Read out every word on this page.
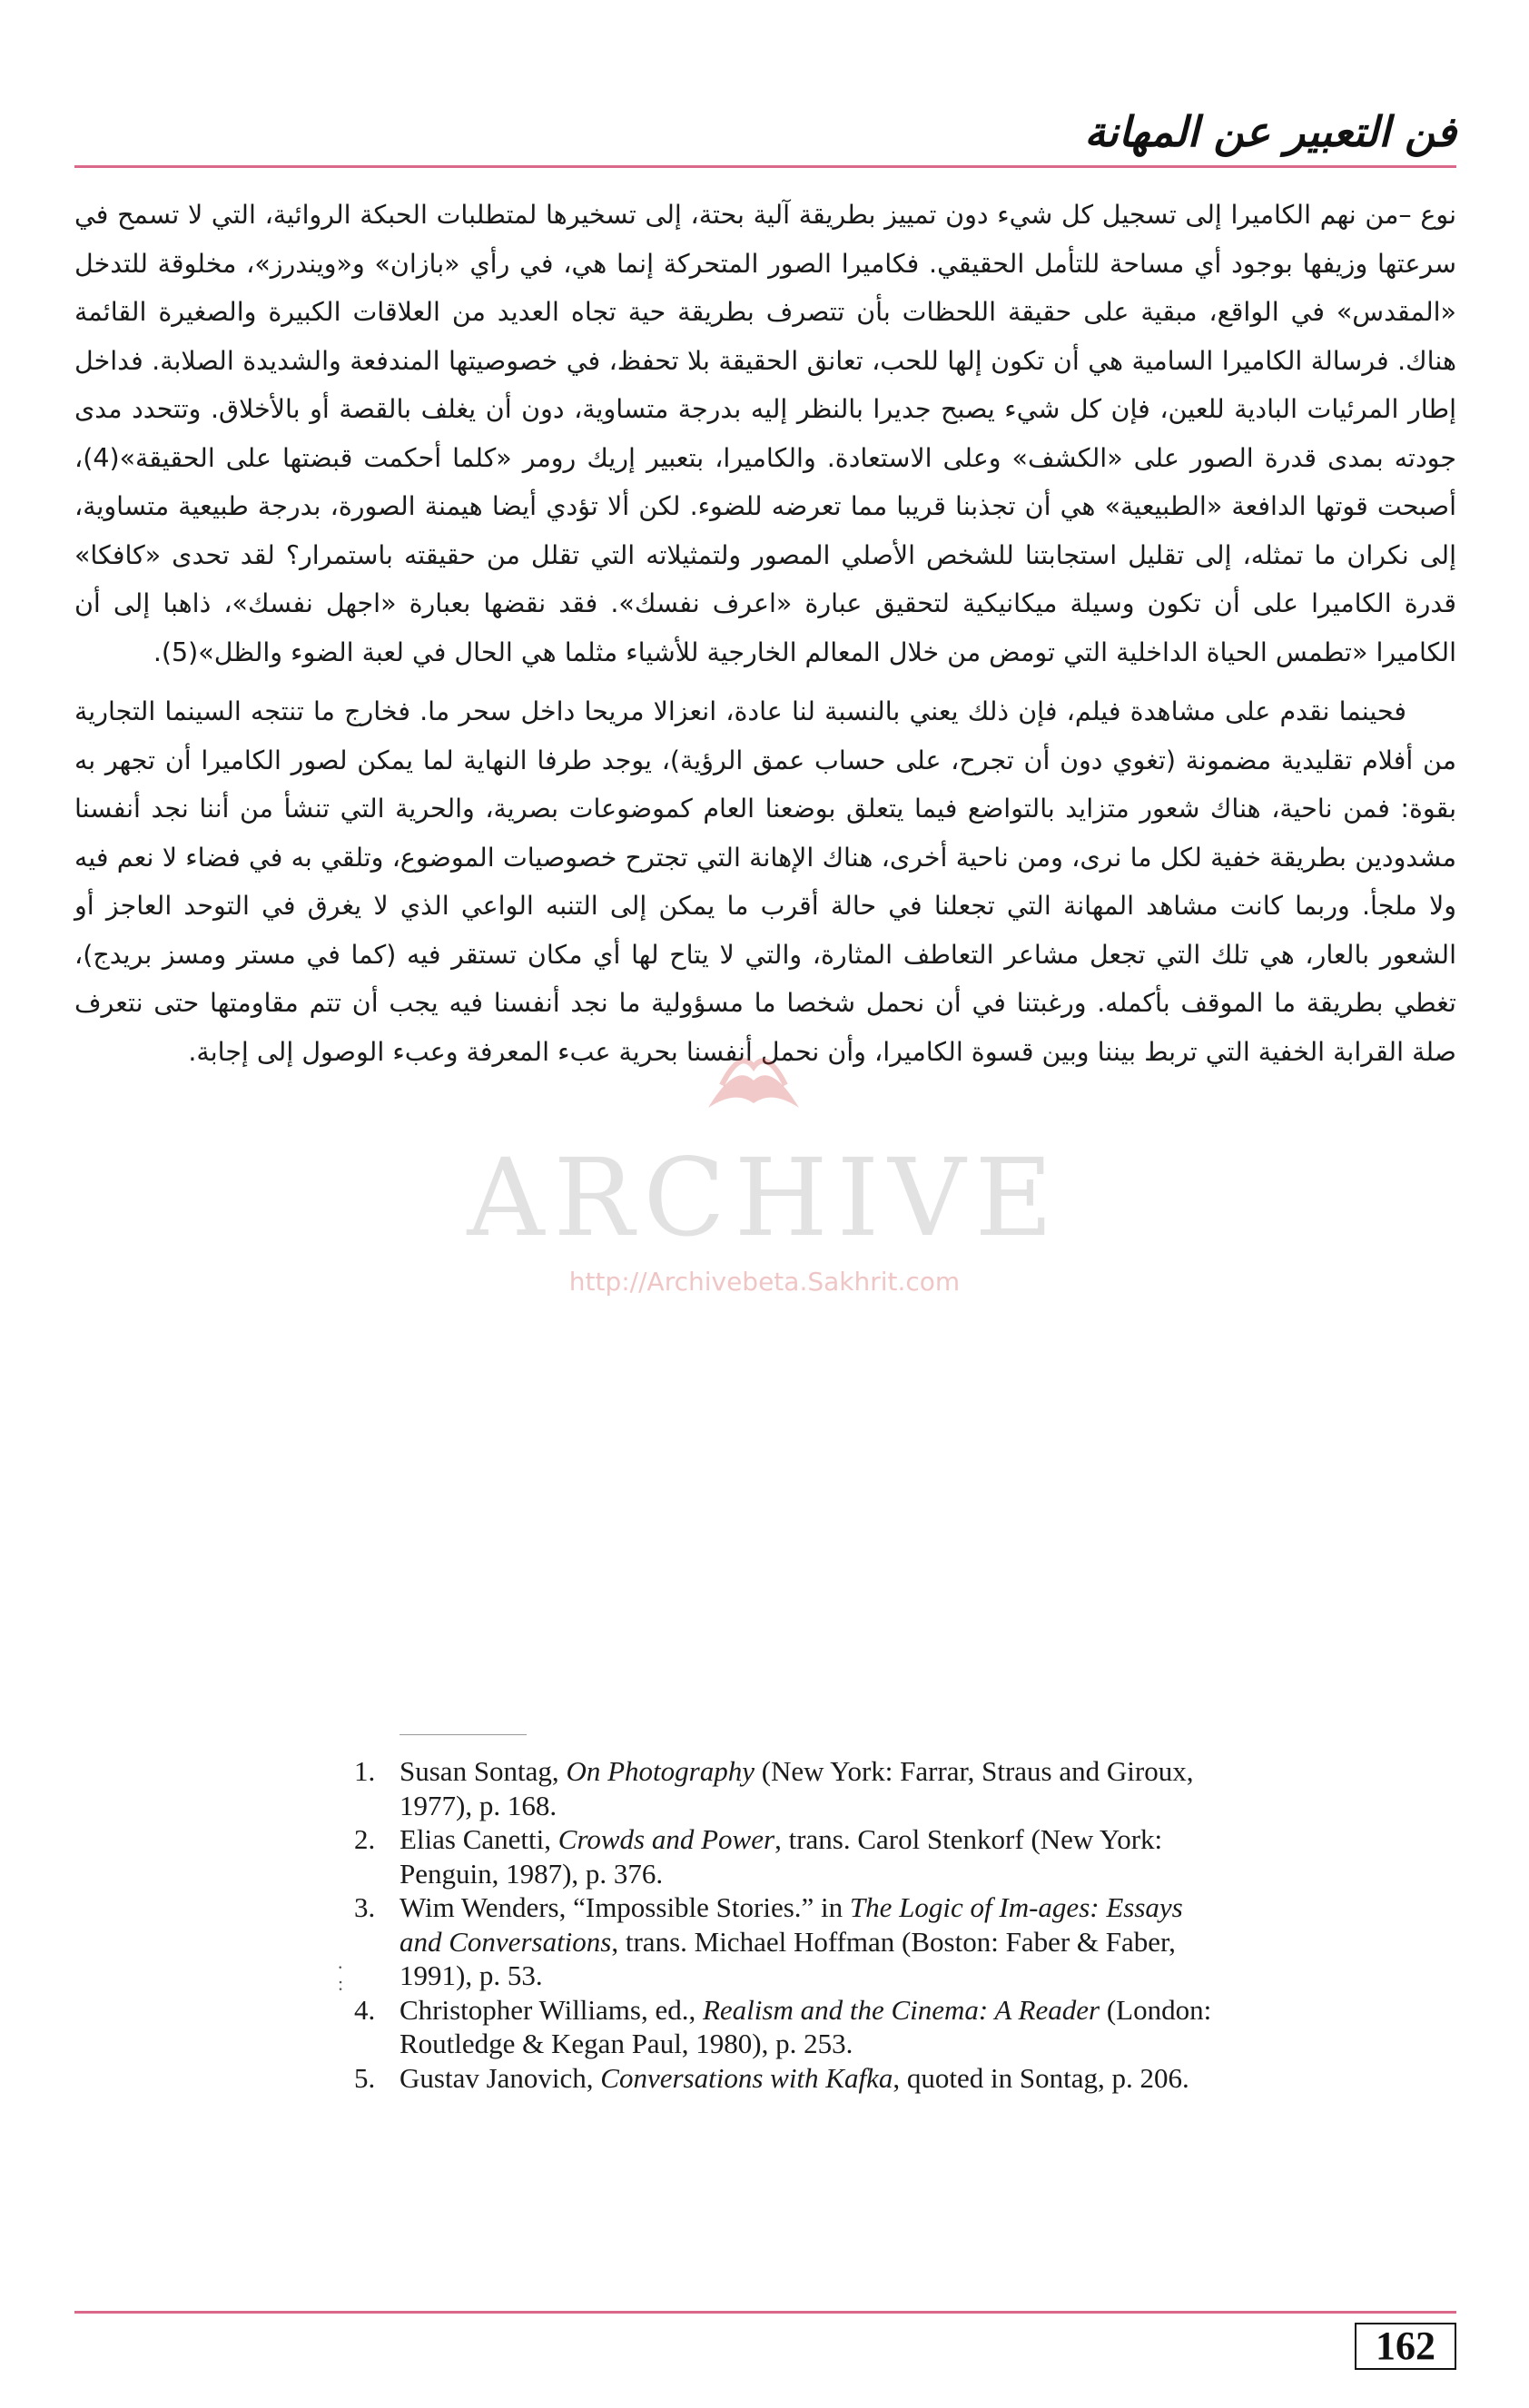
فن التعبير عن المهانة

نوع –من نهم الكاميرا إلى تسجيل كل شيء دون تمييز بطريقة آلية بحتة، إلى تسخيرها لمتطلبات الحبكة الروائية، التي لا تسمح في سرعتها وزيفها بوجود أي مساحة للتأمل الحقيقي. فكاميرا الصور المتحركة إنما هي، في رأي «بازان» و«ويندرز»، مخلوقة للتدخل «المقدس» في الواقع، مبقية على حقيقة اللحظات بأن تتصرف بطريقة حية تجاه العديد من العلاقات الكبيرة والصغيرة القائمة هناك. فرسالة الكاميرا السامية هي أن تكون إلها للحب، تعانق الحقيقة بلا تحفظ، في خصوصيتها المندفعة والشديدة الصلابة. فداخل إطار المرئيات البادية للعين، فإن كل شيء يصبح جديرا بالنظر إليه بدرجة متساوية، دون أن يغلف بالقصة أو بالأخلاق. وتتحدد مدى جودته بمدى قدرة الصور على «الكشف» وعلى الاستعادة. والكاميرا، بتعبير إريك رومر «كلما أحكمت قبضتها على الحقيقة»(4)، أصبحت قوتها الدافعة «الطبيعية» هي أن تجذبنا قريبا مما تعرضه للضوء. لكن ألا تؤدي أيضا هيمنة الصورة، بدرجة طبيعية متساوية، إلى نكران ما تمثله، إلى تقليل استجابتنا للشخص الأصلي المصور ولتمثيلاته التي تقلل من حقيقته باستمرار؟ لقد تحدى «كافكا» قدرة الكاميرا على أن تكون وسيلة ميكانيكية لتحقيق عبارة «اعرف نفسك». فقد نقضها بعبارة «اجهل نفسك»، ذاهبا إلى أن الكاميرا «تطمس الحياة الداخلية التي تومض من خلال المعالم الخارجية للأشياء مثلما هي الحال في لعبة الضوء والظل»(5).

فحينما نقدم على مشاهدة فيلم، فإن ذلك يعني بالنسبة لنا عادة، انعزالا مريحا داخل سحر ما. فخارج ما تنتجه السينما التجارية من أفلام تقليدية مضمونة (تغوي دون أن تجرح، على حساب عمق الرؤية)، يوجد طرفا النهاية لما يمكن لصور الكاميرا أن تجهر به بقوة: فمن ناحية، هناك شعور متزايد بالتواضع فيما يتعلق بوضعنا العام كموضوعات بصرية، والحرية التي تنشأ من أننا نجد أنفسنا مشدودين بطريقة خفية لكل ما نرى، ومن ناحية أخرى، هناك الإهانة التي تجترح خصوصيات الموضوع، وتلقي به في فضاء لا نعم فيه ولا ملجأ. وربما كانت مشاهد المهانة التي تجعلنا في حالة أقرب ما يمكن إلى التنبه الواعي الذي لا يغرق في التوحد العاجز أو الشعور بالعار، هي تلك التي تجعل مشاعر التعاطف المثارة، والتي لا يتاح لها أي مكان تستقر فيه (كما في مستر ومسز بريدج)، تغطي بطريقة ما الموقف بأكمله. ورغبتنا في أن نحمل شخصا ما مسؤولية ما نجد أنفسنا فيه يجب أن تتم مقاومتها حتى نتعرف صلة القرابة الخفية التي تربط بيننا وبين قسوة الكاميرا، وأن نحمل أنفسنا بحرية عبء المعرفة وعبء الوصول إلى إجابة.

ARCHIVE
http://Archivebeta.Sakhrit.com
1. Susan Sontag, On Photography (New York: Farrar, Straus and Giroux, 1977), p. 168.
2. Elias Canetti, Crowds and Power, trans. Carol Stenkorf (New York: Penguin, 1987), p. 376.
3. Wim Wenders, “Impossible Stories.” in The Logic of Im-ages: Essays and Conversations, trans. Michael Hoffman (Boston: Faber & Faber, 1991), p. 53.
4. Christopher Williams, ed., Realism and the Cinema: A Reader (London: Routledge & Kegan Paul, 1980), p. 253.
5. Gustav Janovich, Conversations with Kafka, quoted in Sontag, p. 206.
.
:
162
